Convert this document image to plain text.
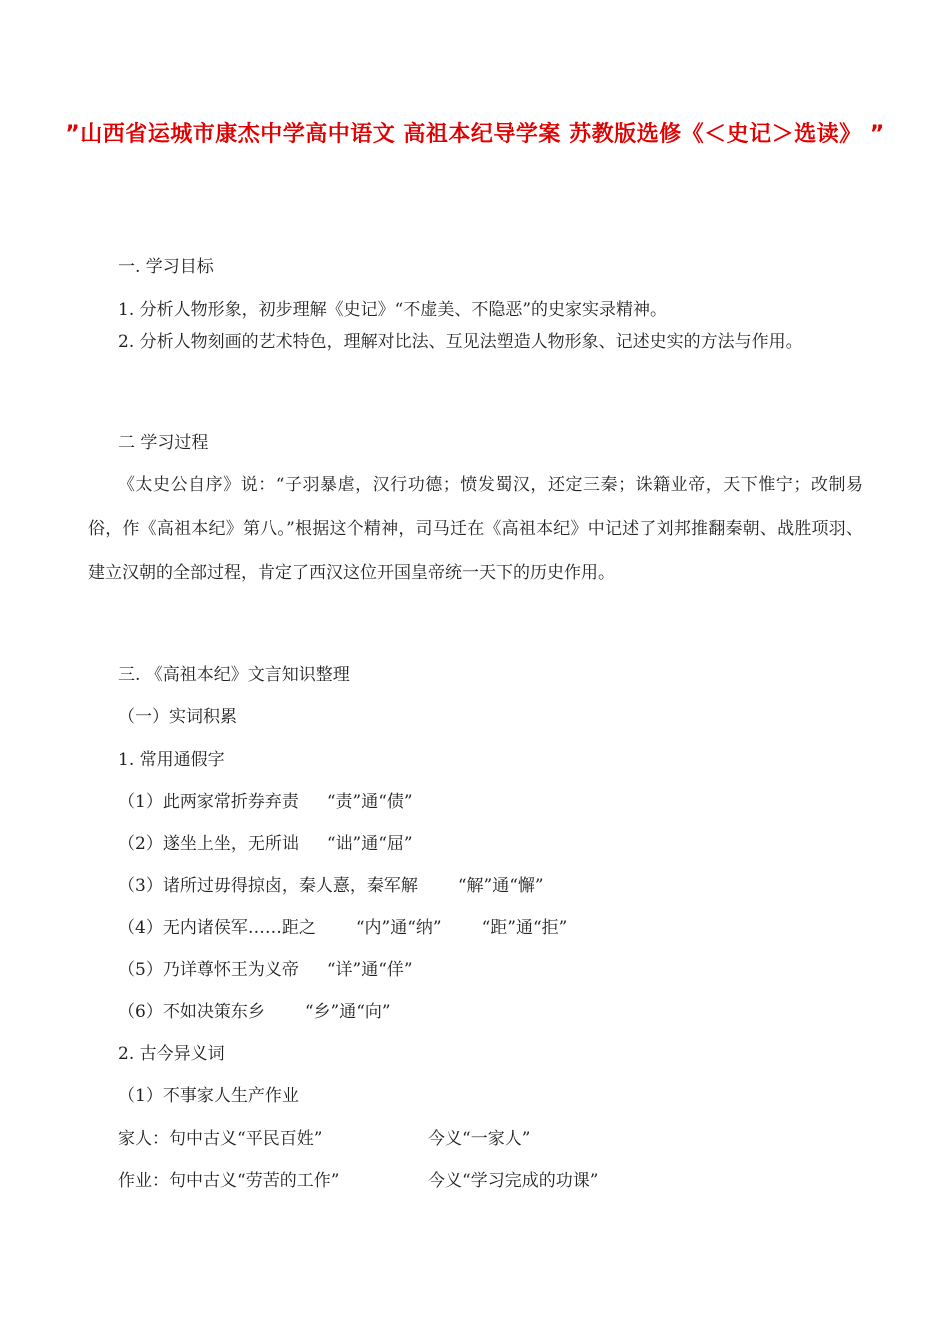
”山西省运城市康杰中学高中语文 高祖本纪导学案 苏教版选修《＜史记＞选读》 ”
一. 学习目标
1. 分析人物形象，初步理解《史记》“不虚美、不隐恶”的史家实录精神。
2. 分析人物刻画的艺术特色，理解对比法、互见法塑造人物形象、记述史实的方法与作用。
二 学习过程
《太史公自序》说：“子羽暴虐，汉行功德；愤发蜀汉，还定三秦；诛籍业帝，天下惟宁；改制易俗，作《高祖本纪》第八。”根据这个精神，司马迁在《高祖本纪》中记述了刘邦推翻秦朝、战胜项羽、建立汉朝的全部过程，肯定了西汉这位开国皇帝统一天下的历史作用。
三. 《高祖本纪》文言知识整理
（一）实词积累
1. 常用通假字
（1）此两家常折券弃责 “责”通“债”
（2）遂坐上坐，无所诎 “诎”通“屈”
（3）诸所过毋得掠卤，秦人憙，秦军解 “解”通“懈”
（4）无内诸侯军……距之 “内”通“纳” “距”通“拒”
（5）乃详尊怀王为义帝 “详”通“佯”
（6）不如决策东乡 “乡”通“向”
2. 古今异义词
（1）不事家人生产作业
家人：句中古义“平民百姓”	今义“一家人”
作业：句中古义“劳苦的工作”	今义“学习完成的功课”
